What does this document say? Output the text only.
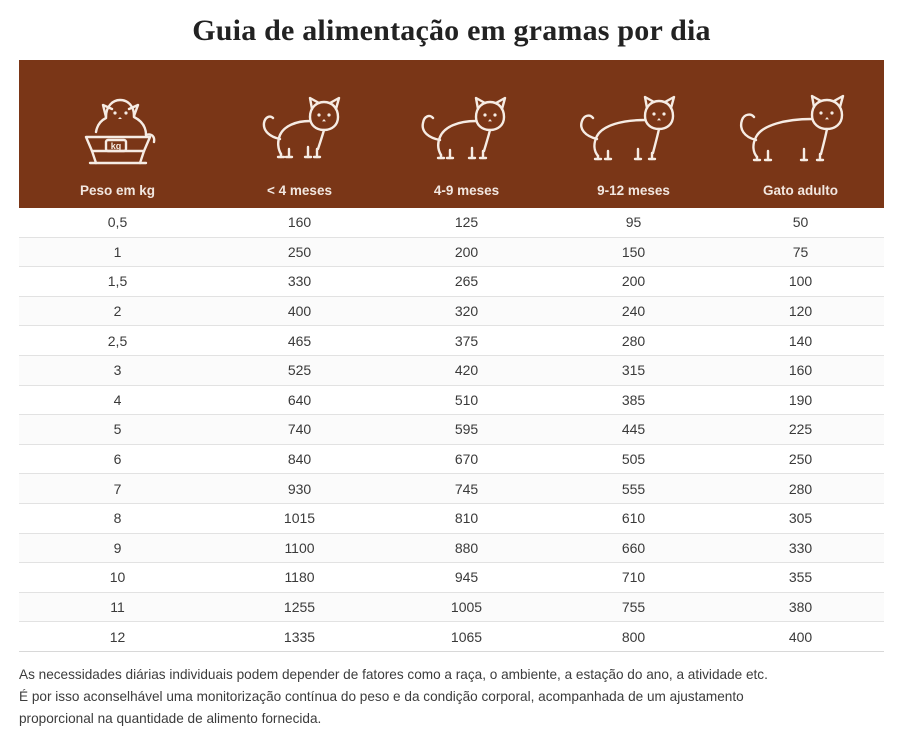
Guia de alimentação em gramas por dia
kg
Peso em kg	< 4 meses	4-9 meses	9-12 meses	Gato adulto

0,5	160	125	95	50
1	250	200	150	75
1,5	330	265	200	100
2	400	320	240	120
2,5	465	375	280	140
3	525	420	315	160
4	640	510	385	190
5	740	595	445	225
6	840	670	505	250
7	930	745	555	280
8	1015	810	610	305
9	1100	880	660	330
10	1180	945	710	355
11	1255	1005	755	380
12	1335	1065	800	400

As necessidades diárias individuais podem depender de fatores como a raça, o ambiente, a estação do ano, a atividade etc.

É por isso aconselhável uma monitorização contínua do peso e da condição corporal, acompanhada de um ajustamento

proporcional na quantidade de alimento fornecida.
